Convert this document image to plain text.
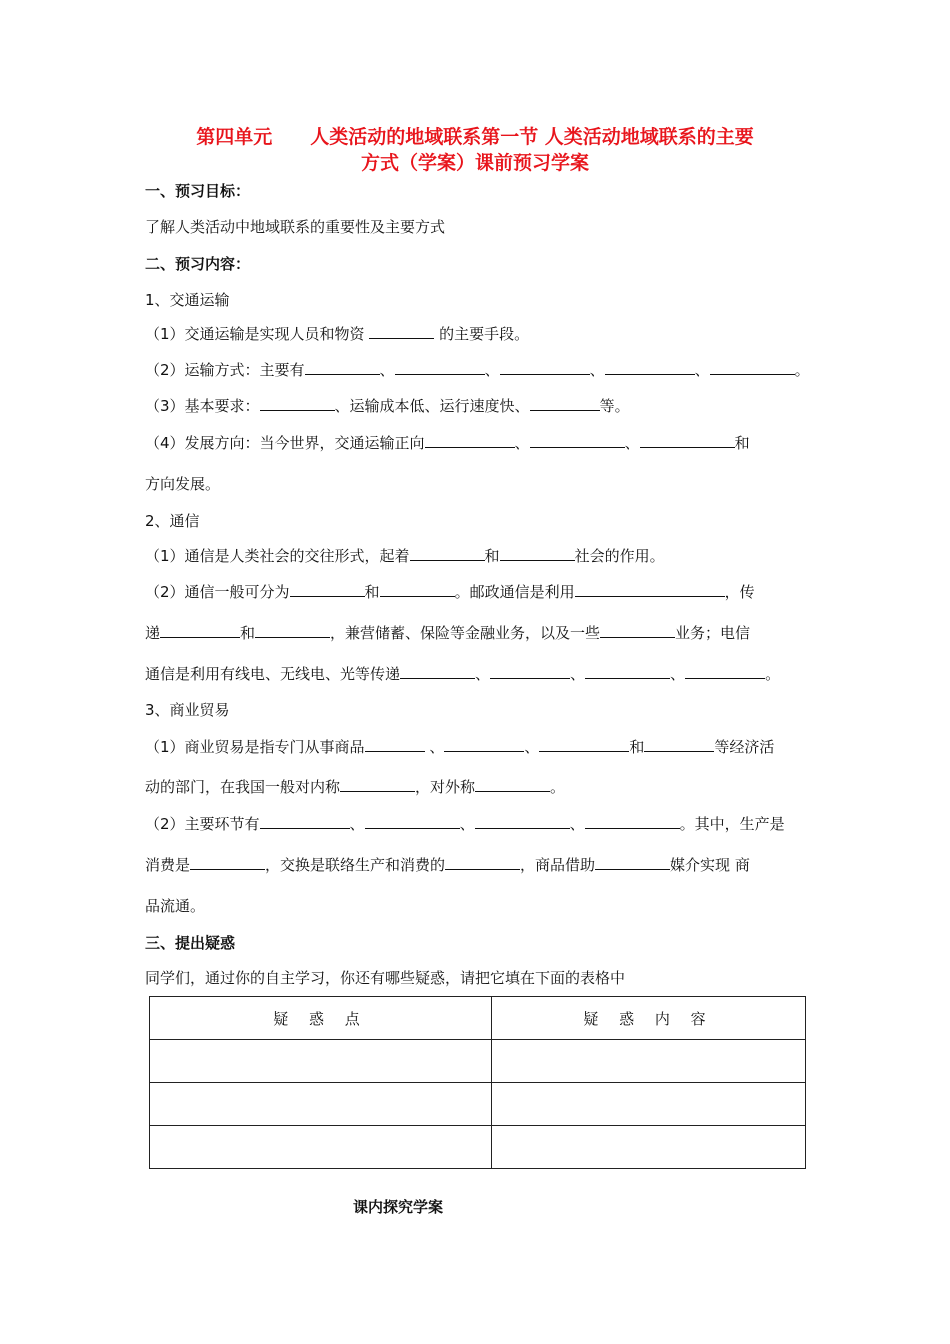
第四单元　　人类活动的地域联系第一节 人类活动地域联系的主要
方式（学案）课前预习学案
一、预习目标：
了解人类活动中地域联系的重要性及主要方式
二、预习内容：
1、交通运输
（1）交通运输是实现人员和物资	的主要手段。
（2）运输方式：主要有	、	、	、	、	。
（3）基本要求：	、运输成本低、运行速度快、	等。
（4）发展方向：当今世界，交通运输正向	、	、	和
方向发展。
2、通信
（1）通信是人类社会的交往形式，起着	和	社会的作用。
（2）通信一般可分为	和	。邮政通信是利用	，传
递	和	，兼营储蓄、保险等金融业务，以及一些	业务；电信
通信是利用有线电、无线电、光等传递	、	、	、	。
3、商业贸易
（1）商业贸易是指专门从事商品	、	、	和	等经济活
动的部门，在我国一般对内称	，对外称	。
（2）主要环节有	、	、	、	。其中，生产是
消费是	，交换是联络生产和消费的	，商品借助	媒介实现 商
品流通。
三、提出疑惑
同学们，通过你的自主学习，你还有哪些疑惑，请把它填在下面的表格中
疑 惑 点	疑 惑 内 容

课内探究学案
